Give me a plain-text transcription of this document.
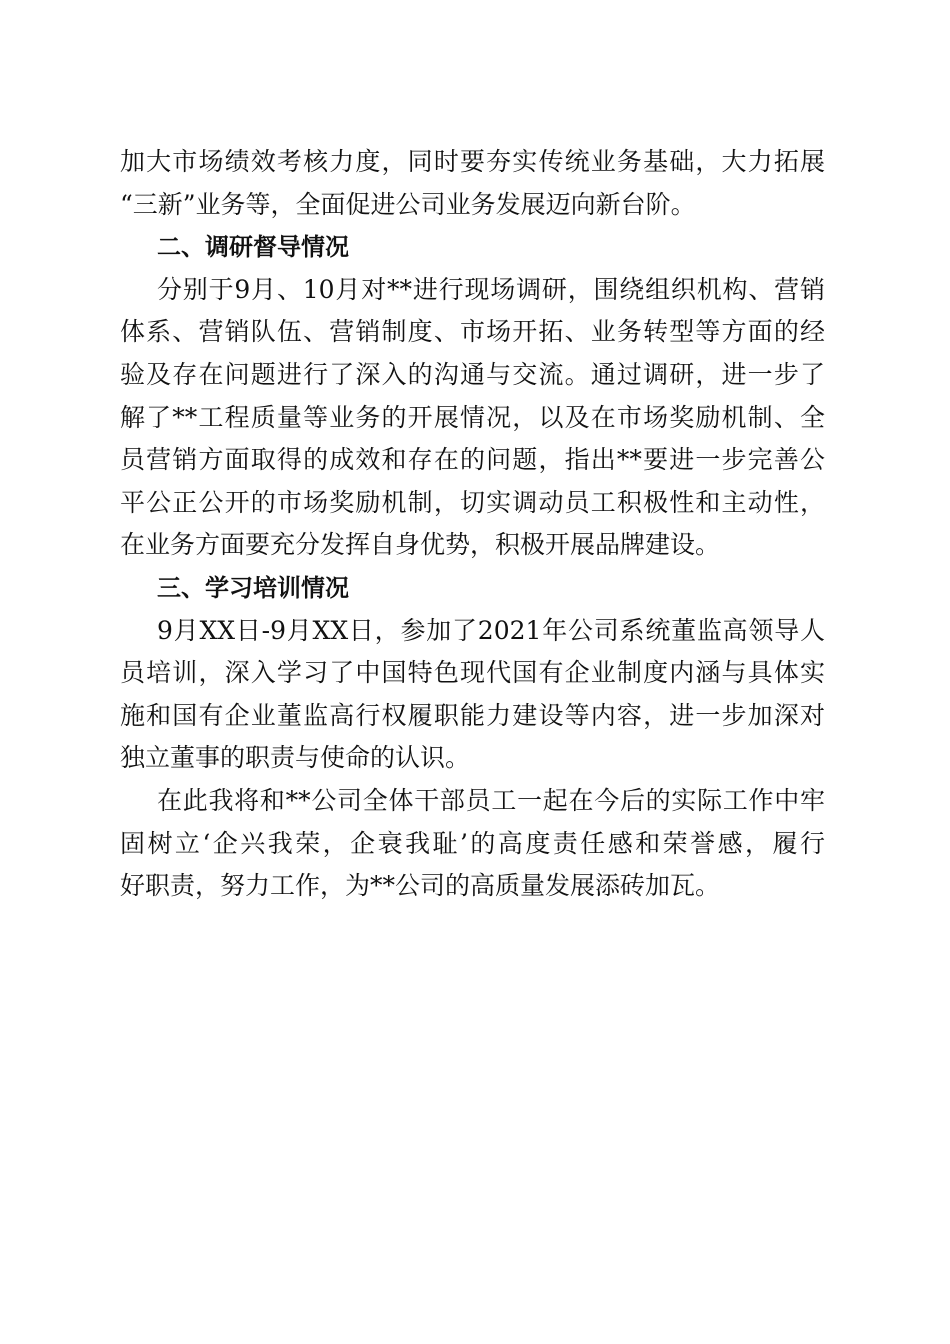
加大市场绩效考核力度，同时要夯实传统业务基础，大力拓展
“三新”业务等，全面促进公司业务发展迈向新台阶。
二、调研督导情况
分别于9月、10月对**进行现场调研，围绕组织机构、营销
体系、营销队伍、营销制度、市场开拓、业务转型等方面的经
验及存在问题进行了深入的沟通与交流。通过调研，进一步了
解了**工程质量等业务的开展情况，以及在市场奖励机制、全
员营销方面取得的成效和存在的问题，指出**要进一步完善公
平公正公开的市场奖励机制，切实调动员工积极性和主动性，
在业务方面要充分发挥自身优势，积极开展品牌建设。
三、学习培训情况
9月XX日-9月XX日，参加了2021年公司系统董监高领导人
员培训，深入学习了中国特色现代国有企业制度内涵与具体实
施和国有企业董监高行权履职能力建设等内容，进一步加深对
独立董事的职责与使命的认识。
在此我将和**公司全体干部员工一起在今后的实际工作中牢
固树立‘企兴我荣，企衰我耻’的高度责任感和荣誉感，履行
好职责，努力工作，为**公司的高质量发展添砖加瓦。
